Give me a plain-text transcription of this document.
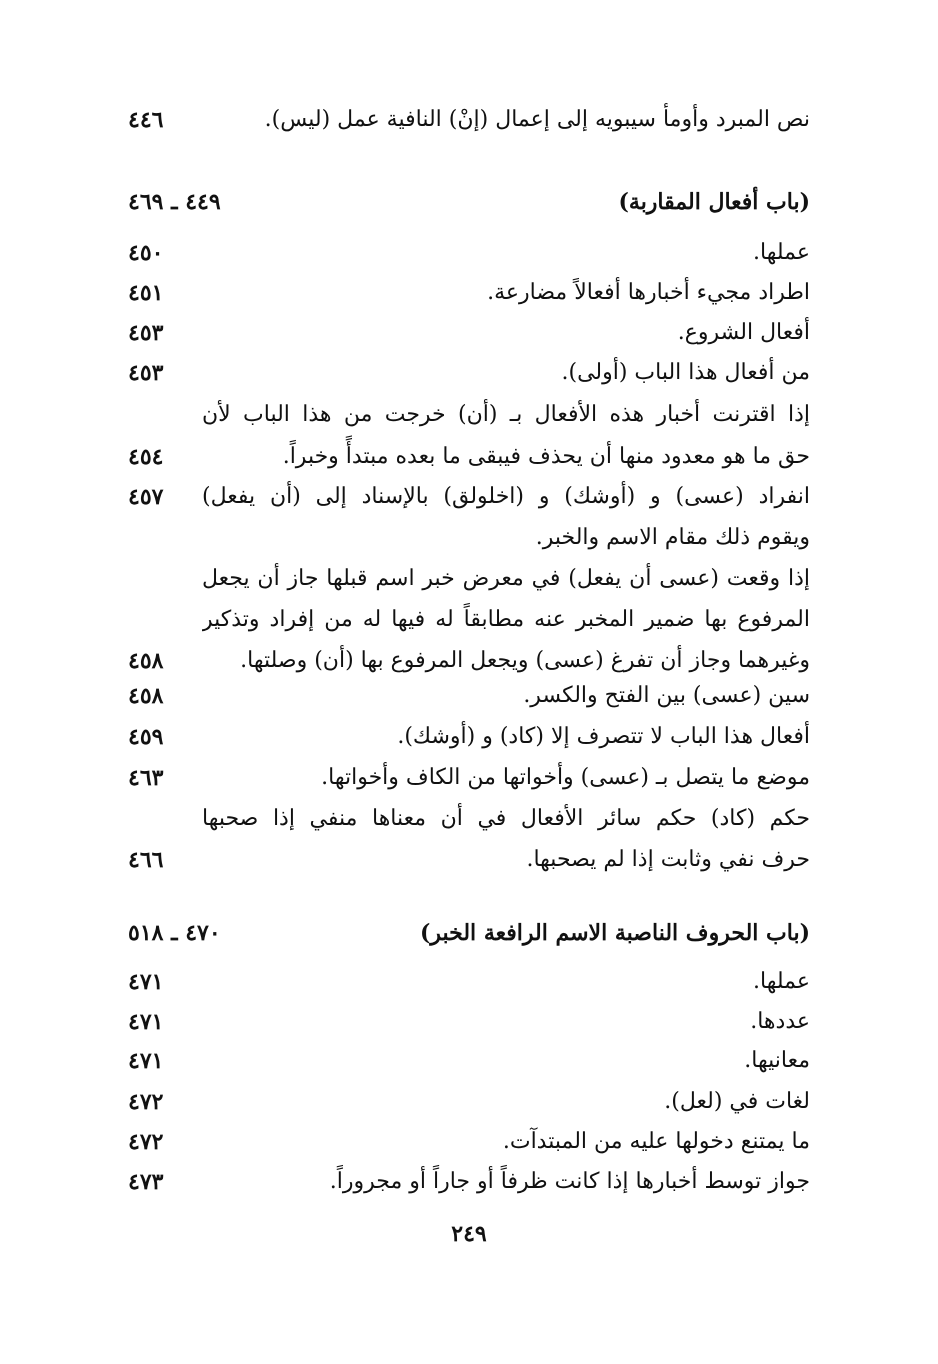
نص المبرد وأومأ سيبويه إلى إعمال (إنْ) النافية عمل (ليس).
٤٤٦
(باب أفعال المقاربة)
٤٤٩ ـ ٤٦٩
عملها.
٤٥٠
اطراد مجيء أخبارها أفعالاً مضارعة.
٤٥١
أفعال الشروع.
٤٥٣
من أفعال هذا الباب (أولى).
٤٥٣
إذا اقترنت أخبار هذه الأفعال بـ (أن) خرجت من هذا الباب لأن
حق ما هو معدود منها أن يحذف فيبقى ما بعده مبتدأً وخبراً.
٤٥٤
انفراد (عسى) و (أوشك) و (اخلولق) بالإسناد إلى (أن يفعل)
٤٥٧
ويقوم ذلك مقام الاسم والخبر.
إذا وقعت (عسى أن يفعل) في معرض خبر اسم قبلها جاز أن يجعل
المرفوع بها ضمير المخبر عنه مطابقاً له فيها له من إفراد وتذكير
وغيرهما وجاز أن تفرغ (عسى) ويجعل المرفوع بها (أن) وصلتها.
٤٥٨
سين (عسى) بين الفتح والكسر.
٤٥٨
أفعال هذا الباب لا تتصرف إلا (كاد) و (أوشك).
٤٥٩
موضع ما يتصل بـ (عسى) وأخواتها من الكاف وأخواتها.
٤٦٣
حكم (كاد) حكم سائر الأفعال في أن معناها منفي إذا صحبها
حرف نفي وثابت إذا لم يصحبها.
٤٦٦
(باب الحروف الناصبة الاسم الرافعة الخبر)
٤٧٠ ـ ٥١٨
عملها.
٤٧١
عددها.
٤٧١
معانيها.
٤٧١
لغات في (لعل).
٤٧٢
ما يمتنع دخولها عليه من المبتدآت.
٤٧٢
جواز توسط أخبارها إذا كانت ظرفاً أو جاراً أو مجروراً.
٤٧٣
٢٤٩
